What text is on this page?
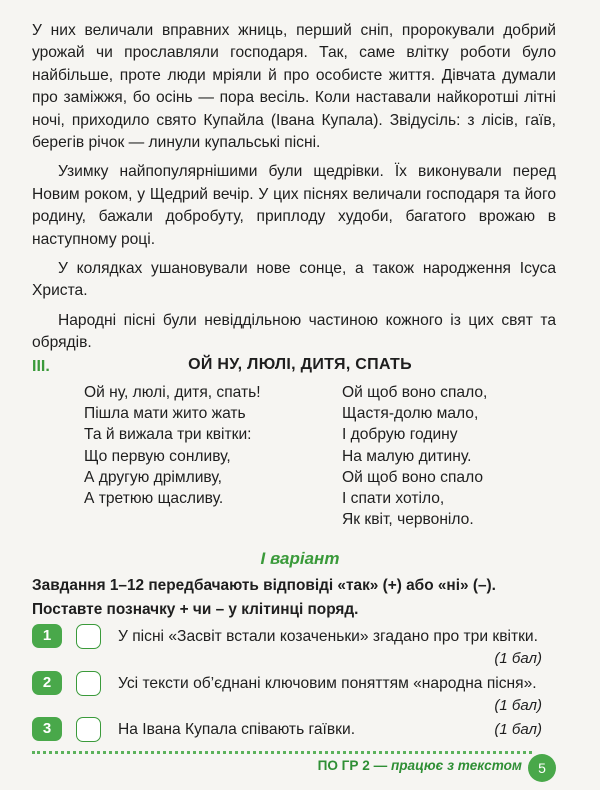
У них величали вправних жниць, перший сніп, пророкували добрий урожай чи прославляли господаря. Так, саме влітку роботи було найбільше, проте люди мріяли й про особисте життя. Дівчата думали про заміжжя, бо осінь — пора весіль. Коли наставали найкоротші літні ночі, приходило свято Купайла (Івана Купала). Звідусіль: з лісів, гаїв, берегів річок — линули купальські пісні.

Узимку найпопулярнішими були щедрівки. Їх виконували перед Новим роком, у Щедрий вечір. У цих піснях величали господаря та його родину, бажали добробуту, приплоду худоби, багатого врожаю в наступному році.

У колядках ушановували нове сонце, а також народження Ісуса Христа.

Народні пісні були невіддільною частиною кожного із цих свят та обрядів.

III.	ОЙ НУ, ЛЮЛІ, ДИТЯ, СПАТЬ
Ой ну, люлі, дитя, спать!
Пішла мати жито жать
Та й вижала три квітки:
Що первую сонливу,
А другую дрімливу,
А третюю щасливу.
Ой щоб воно спало,
Щастя-долю мало,
І добрую годину
На малую дитину.
Ой щоб воно спало
І спати хотіло,
Як квіт, червоніло.
І варіант
Завдання 1–12 передбачають відповіді «так» (+) або «ні» (–).
Поставте позначку + чи – у клітинці поряд.
1	У пісні «Засвіт встали козаченьки» згадано про три квітки.
(1 бал)
2	Усі тексти об’єднані ключовим поняттям «народна пісня».
(1 бал)
3	На Івана Купала співають гаївки.	(1 бал)
ПО ГР 2 — працює з текстом	5
